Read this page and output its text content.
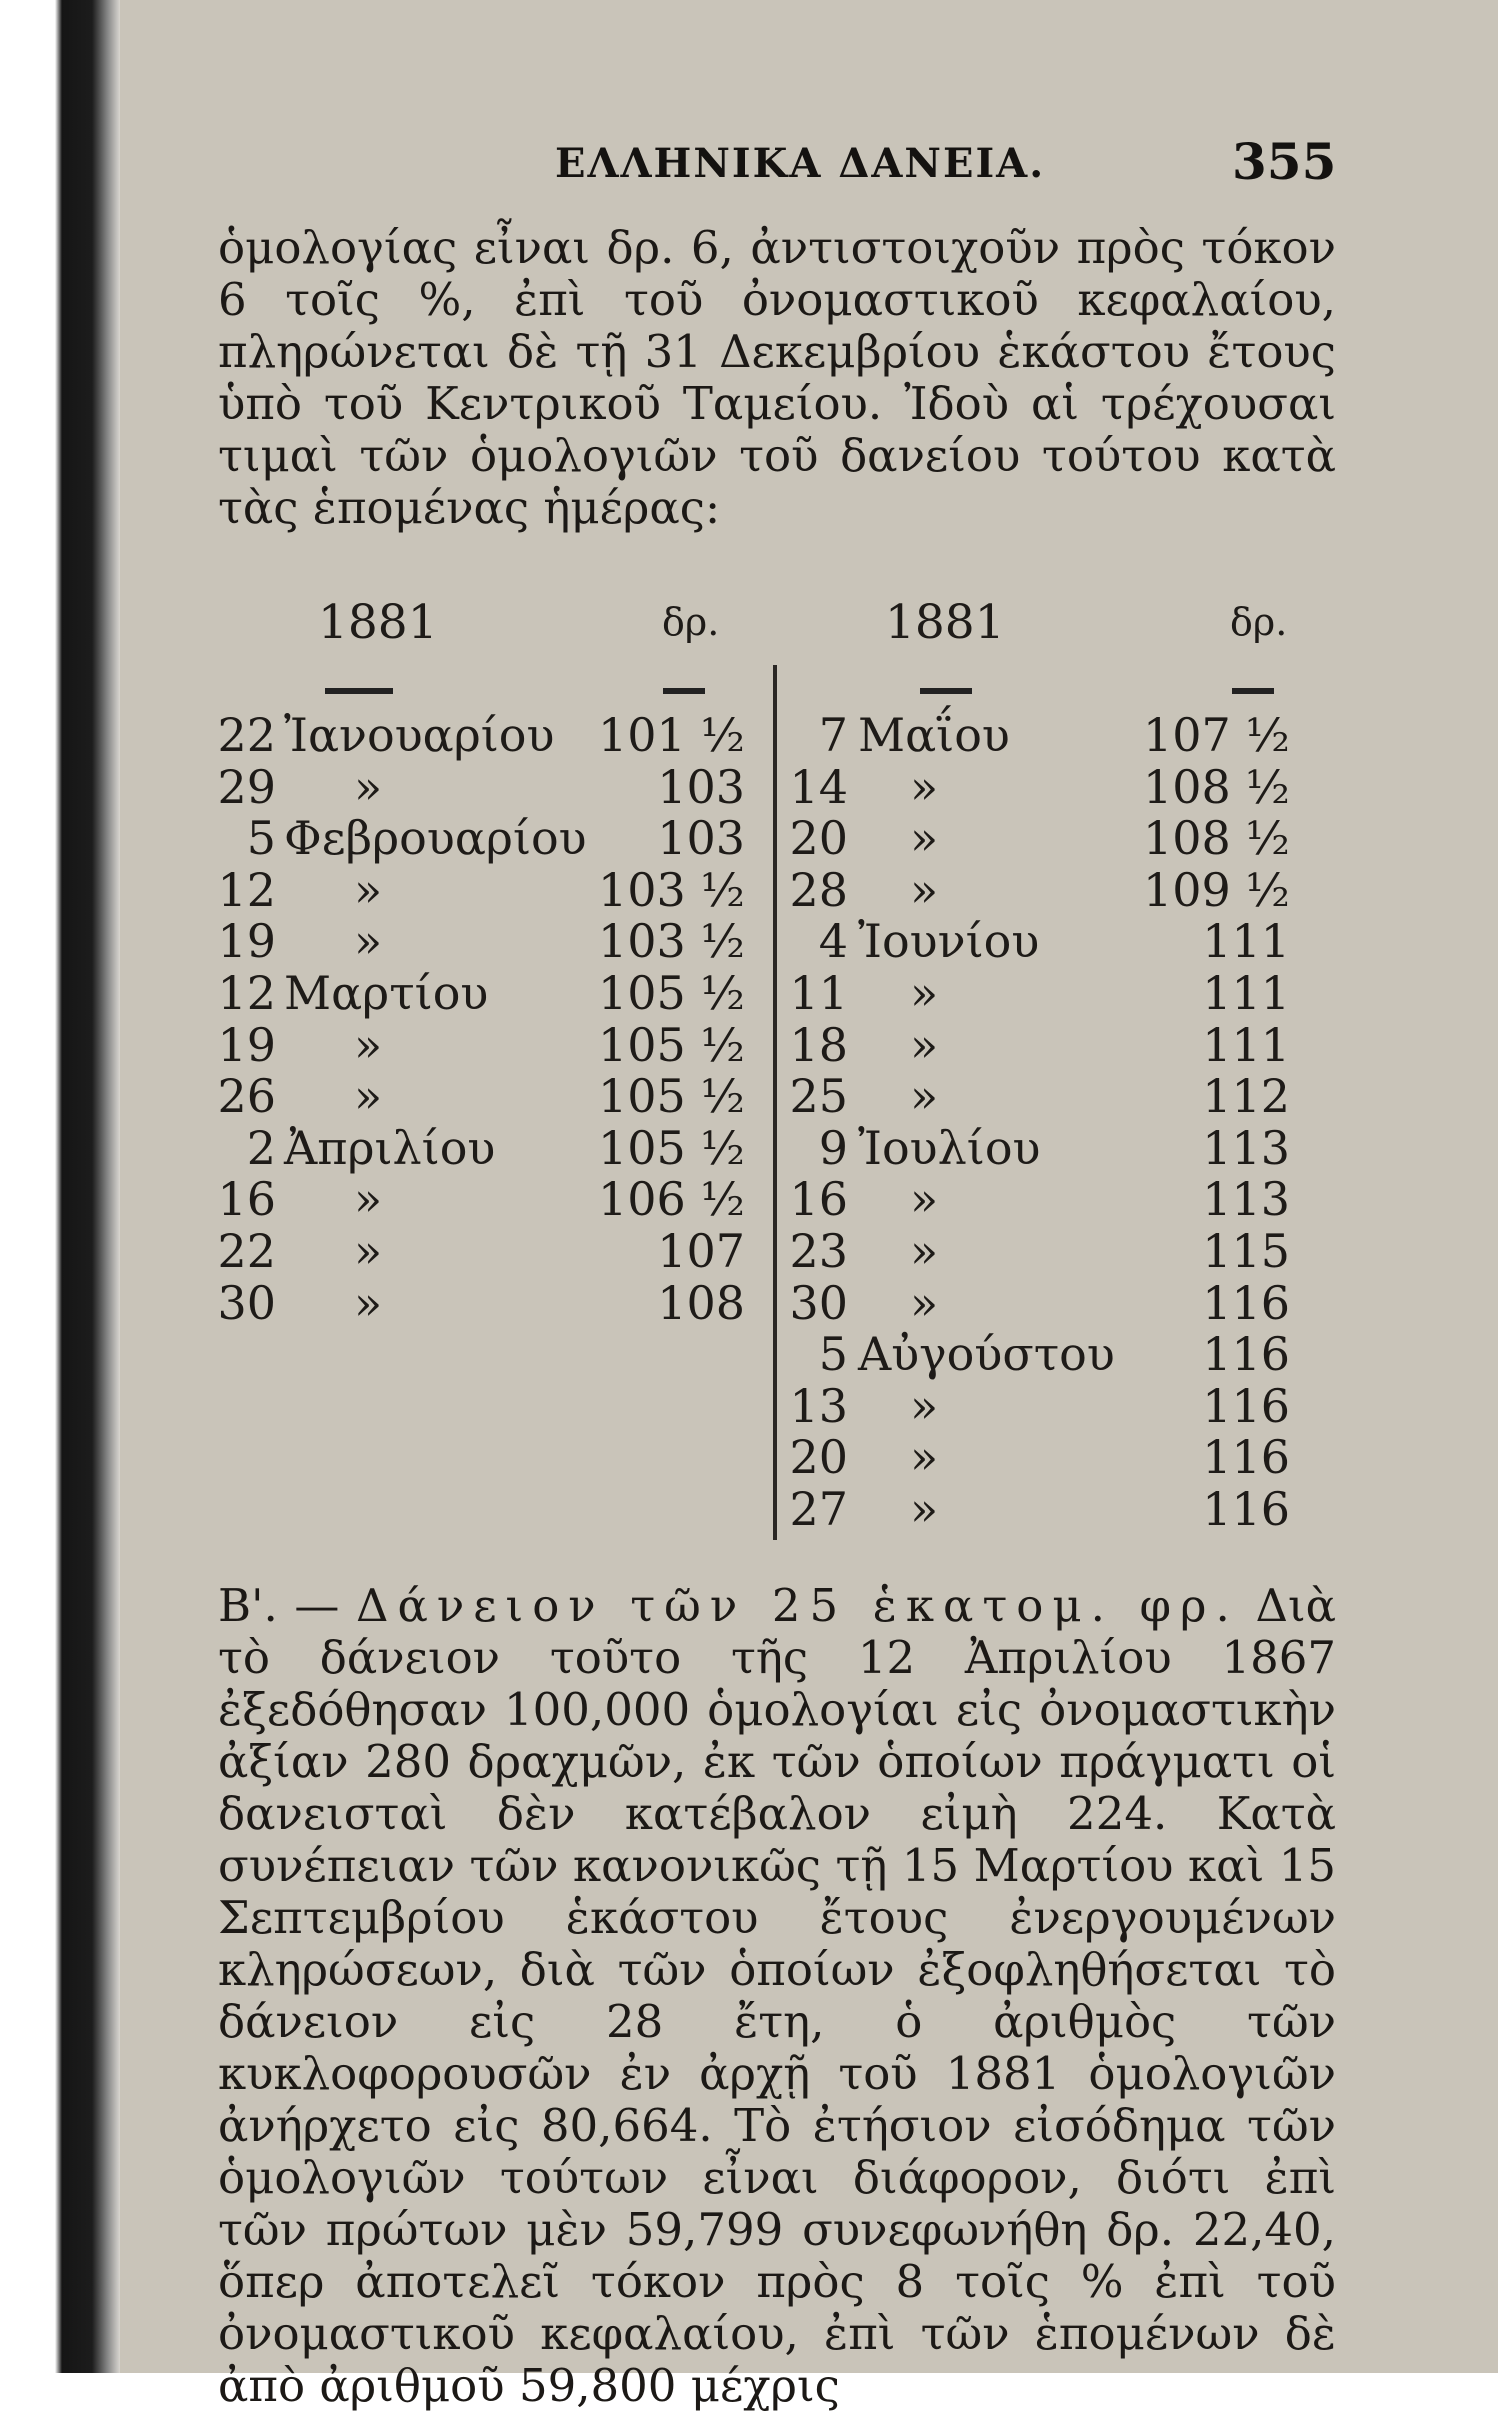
ΕΛΛΗΝΙΚΑ ΔΑΝΕΙΑ.	355

ὁμολογίας εἶναι δρ. 6, ἀντιστοιχοῦν πρὸς τόκον 6 τοῖς %, ἐπὶ τοῦ ὀνομαστικοῦ κεφαλαίου, πληρώνεται δὲ τῇ 31 Δεκεμβρίου ἑκάστου ἔτους ὑπὸ τοῦ Κεντρικοῦ Ταμείου. Ἰδοὺ αἱ τρέχουσαι τιμαὶ τῶν ὁμολογιῶν τοῦ δανείου τούτου κατὰ τὰς ἑπομένας ἡμέρας:

1881	δρ.	1881	δρ.
22 Ἰανουαρίου 101 ½
29 »	103
5 Φεβρουαρίου 103
12 »	103 ½
19 »	103 ½
12 Μαρτίου 105 ½
19 »	105 ½
26 »	105 ½
2 Ἀπριλίου 105 ½
16 »	106 ½
22 »	107
30 »	108
7 Μαΐου	107 ½
14 »	108 ½
20 »	108 ½
28 »	109 ½
4 Ἰουνίου	111
11 »	111
18 »	111
25 »	112
9 Ἰουλίου	113
16 »	113
23 »	115
30 »	116
5 Αὐγούστου 116
13 »	116
20 »	116
27 »	116

Β'. — Δάνειον τῶν 25 ἑκατομ. φρ. Διὰ τὸ δάνειον τοῦτο τῆς 12 Ἀπριλίου 1867 ἐξεδόθησαν 100,000 ὁμολογίαι εἰς ὀνομαστικὴν ἀξίαν 280 δραχμῶν, ἐκ τῶν ὁποίων πράγματι οἱ δανεισταὶ δὲν κατέβαλον εἰμὴ 224. Κατὰ συνέπειαν τῶν κανονικῶς τῇ 15 Μαρτίου καὶ 15 Σεπτεμβρίου ἑκάστου ἔτους ἐνεργουμένων κληρώσεων, διὰ τῶν ὁποίων ἐξοφληθήσεται τὸ δάνειον εἰς 28 ἔτη, ὁ ἀριθμὸς τῶν κυκλοφορουσῶν ἐν ἀρχῇ τοῦ 1881 ὁμολογιῶν ἀνήρχετο εἰς 80,664. Τὸ ἐτήσιον εἰσόδημα τῶν ὁμολογιῶν τούτων εἶναι διάφορον, διότι ἐπὶ τῶν πρώτων μὲν 59,799 συνεφωνήθη δρ. 22,40, ὅπερ ἀποτελεῖ τόκον πρὸς 8 τοῖς % ἐπὶ τοῦ ὀνομαστικοῦ κεφαλαίου, ἐπὶ τῶν ἑπομένων δὲ ἀπὸ ἀριθμοῦ 59,800 μέχρις
